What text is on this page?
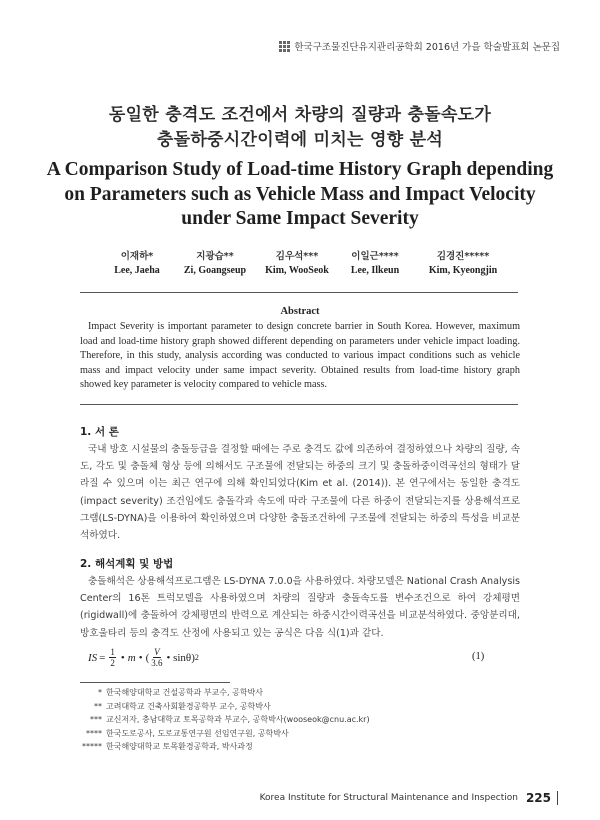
한국구조물진단유지관리공학회 2016년 가을 학술발표회 논문집
동일한 충격도 조건에서 차량의 질량과 충돌속도가
충돌하중시간이력에 미치는 영향 분석
A Comparison Study of Load-time History Graph depending
on Parameters such as Vehicle Mass and Impact Velocity
under Same Impact Severity
이재하*
Lee, Jaeha
지광습**
Zi, Goangseup
김우석***
Kim, WooSeok
이일근****
Lee, Ilkeun
김경진*****
Kim, Kyeongjin
Abstract
Impact Severity is important parameter to design concrete barrier in South Korea. However, maximum load and load-time history graph showed different depending on parameters under vehicle impact loading. Therefore, in this study, analysis according was conducted to various impact conditions such as vehicle mass and impact velocity under same impact severity. Obtained results from load-time history graph showed key parameter is velocity compared to vehicle mass.
1. 서 론
국내 방호 시설물의 충돌등급을 결정할 때에는 주로 충격도 값에 의존하여 결정하였으나 차량의 질량, 속도, 각도 및 충돌체 형상 등에 의해서도 구조물에 전달되는 하중의 크기 및 충돌하중이력곡선의 형태가 달라질 수 있으며 이는 최근 연구에 의해 확인되었다(Kim et al. (2014)). 본 연구에서는 동일한 충격도(impact severity) 조건임에도 충돌각과 속도에 따라 구조물에 다른 하중이 전달되는지를 상용해석프로그램(LS-DYNA)을 이용하여 확인하였으며 다양한 충돌조건하에 구조물에 전달되는 하중의 특성을 비교분석하였다.
2. 해석계획 및 방법
충돌해석은 상용해석프로그램은 LS-DYNA 7.0.0을 사용하였다. 차량모델은 National Crash Analysis Center의 16톤 트럭모델을 사용하였으며 차량의 질량과 충돌속도를 변수조건으로 하여 강체평면(rigidwall)에 충돌하여 강체평면의 반력으로 계산되는 하중시간이력곡선을 비교분석하였다. 중앙분리대, 방호울타리 등의 충격도 산정에 사용되고 있는 공식은 다음 식(1)과 같다.
IS = $\frac{1}{2}$ • m • ( $\frac{V}{3.6}$ • sinθ) 2	(1)
* 한국해양대학교 건설공학과 부교수, 공학박사
** 고려대학교 건축사회환경공학부 교수, 공학박사
*** 교신저자, 충남대학교 토목공학과 부교수, 공학박사(wooseok@cnu.ac.kr)
**** 한국도로공사, 도로교통연구원 선임연구원, 공학박사
***** 한국해양대학교 토목환경공학과, 박사과정
Korea Institute for Structural Maintenance and Inspection 225
